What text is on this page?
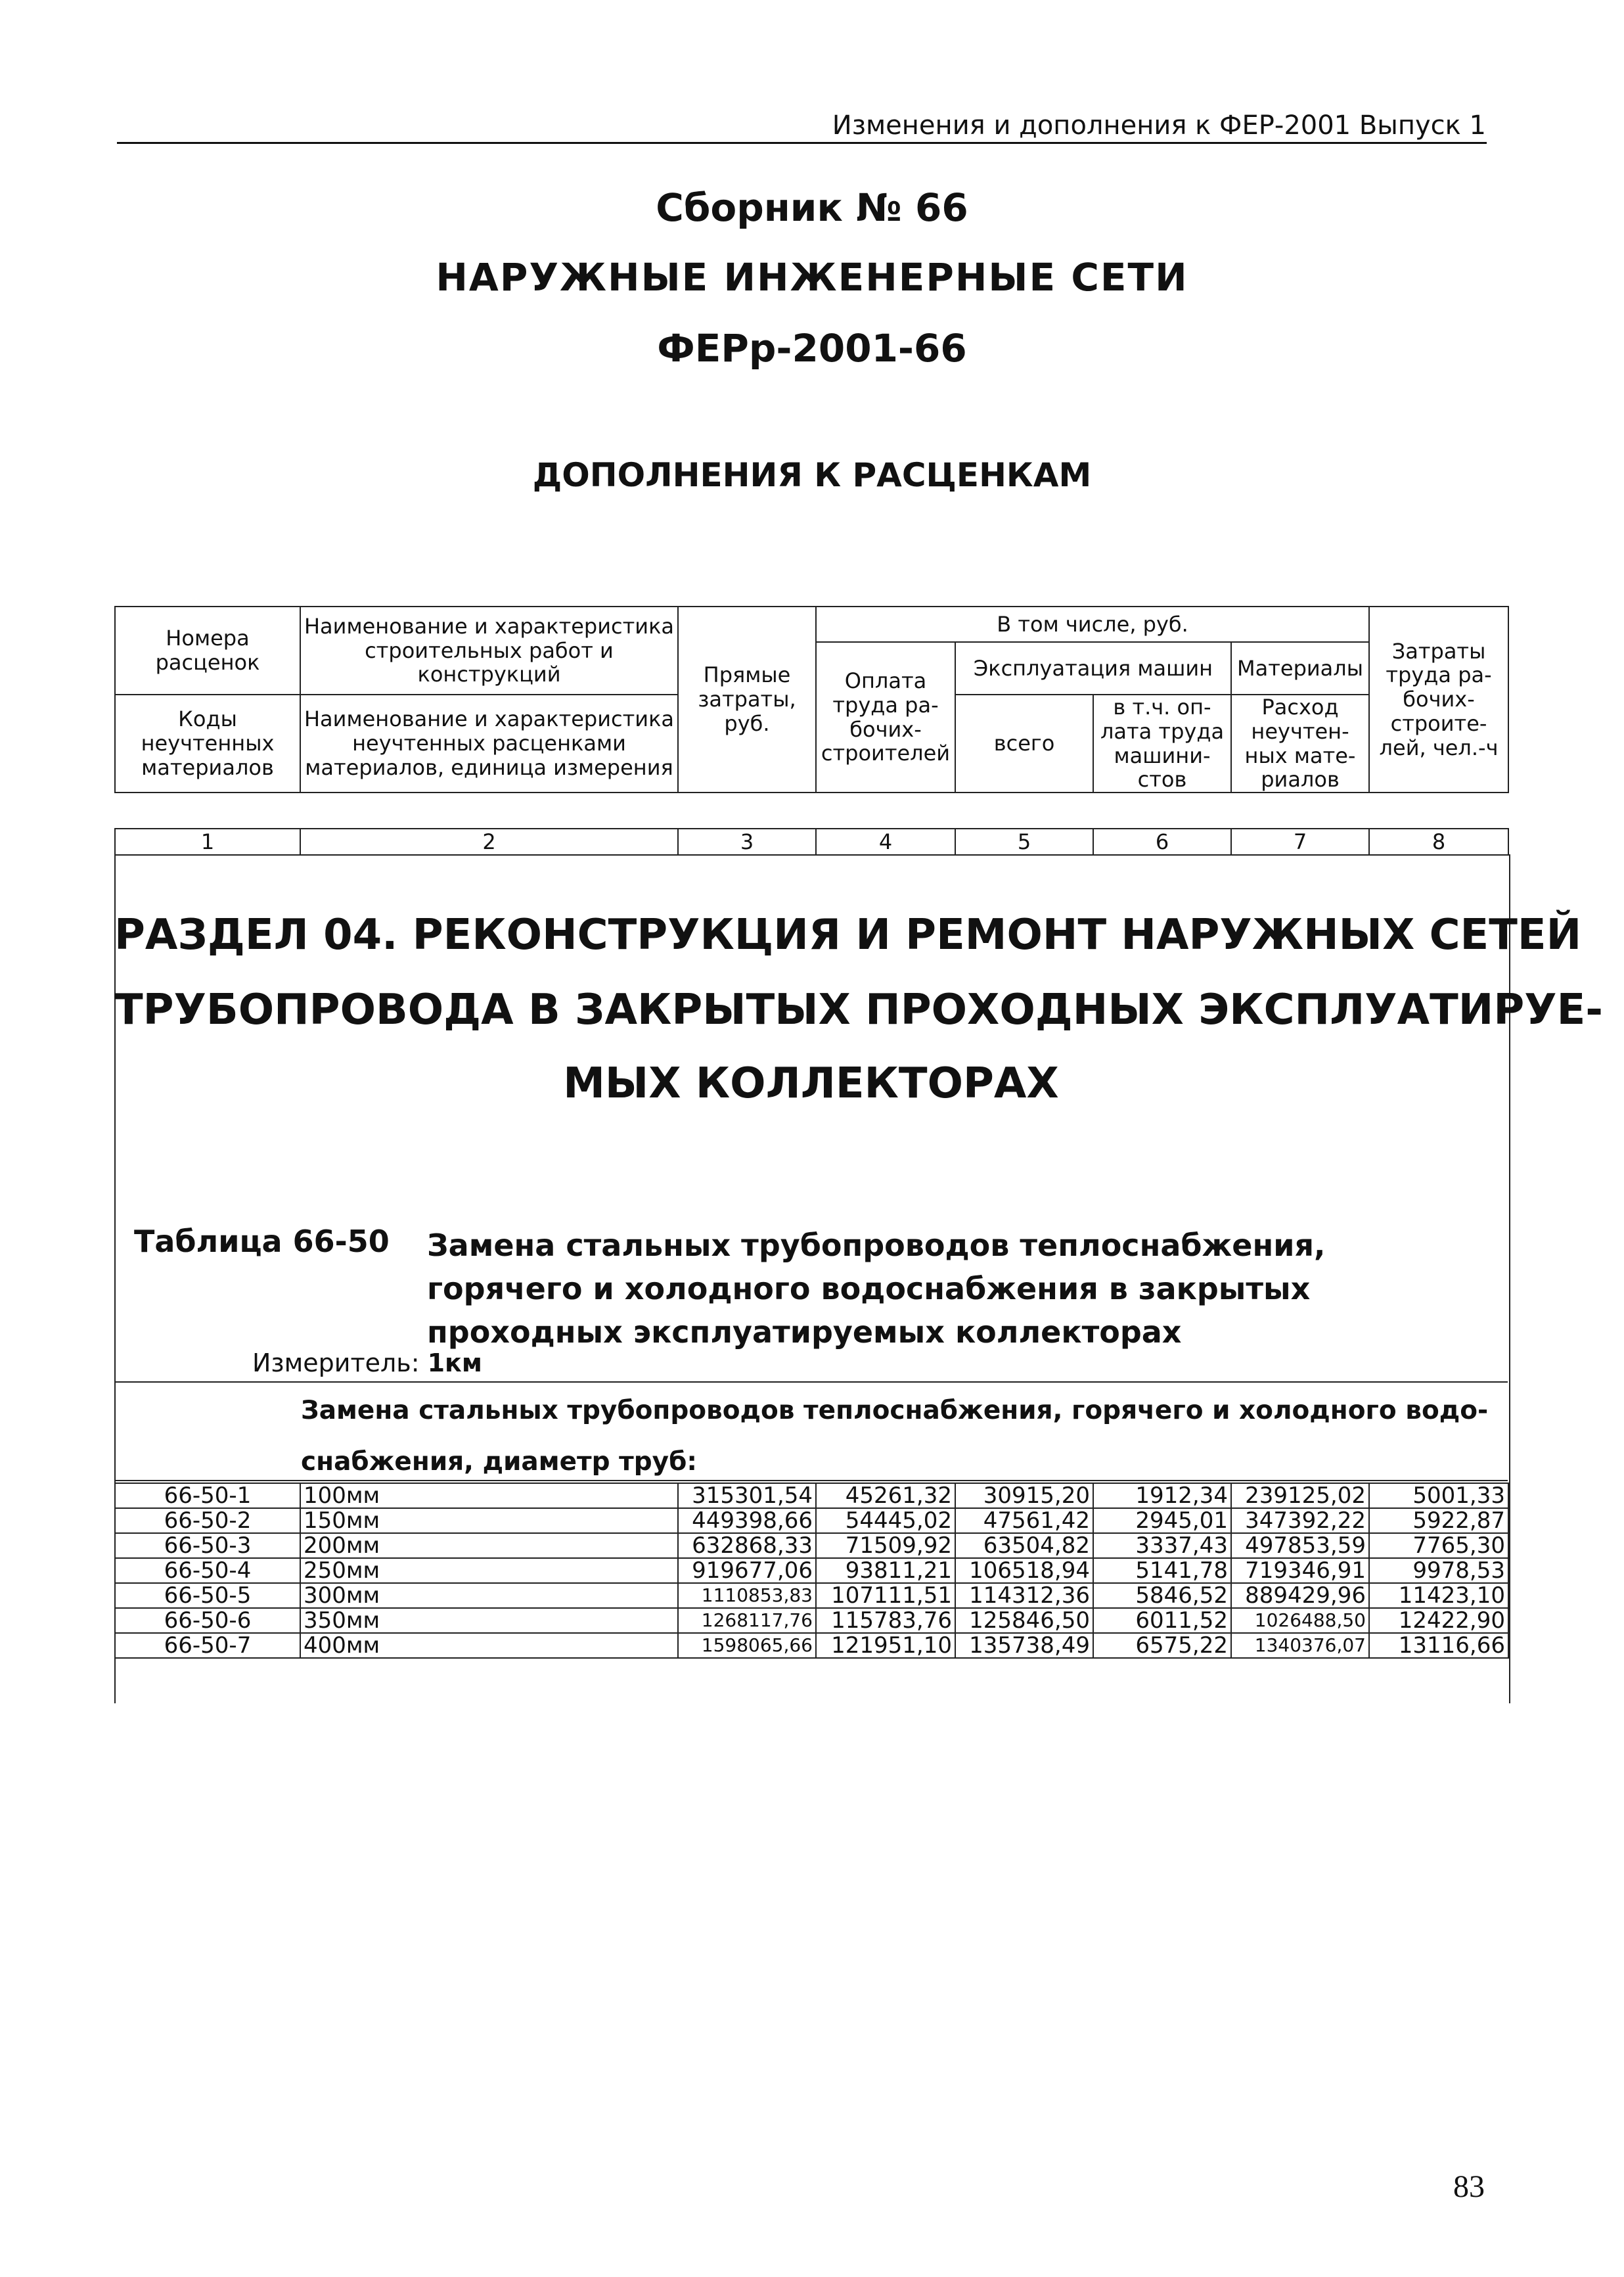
Изменения и дополнения к ФЕР-2001 Выпуск 1
Сборник № 66
НАРУЖНЫЕ ИНЖЕНЕРНЫЕ СЕТИ
ФЕРр-2001-66
ДОПОЛНЕНИЯ К РАСЦЕНКАМ
Номера расценок	Наименование и характеристика строительных работ и конструкций	Прямые затраты, руб.	В том числе, руб.				Затраты труда ра-бочих-строите-лей, чел.-ч
			Оплата труда ра-бочих-строителей	Эксплуатация машин		Материалы	
Коды неучтенных материалов	Наименование и характеристика неучтенных расценками материалов, единица измерения			всего	в т.ч. оп-лата труда машини-стов	Расход неучтен-ных мате-риалов	

1	2	3	4	5	6	7	8
РАЗДЕЛ 04. РЕКОНСТРУКЦИЯ И РЕМОНТ НАРУЖНЫХ СЕТЕЙ
ТРУБОПРОВОДА В ЗАКРЫТЫХ ПРОХОДНЫХ ЭКСПЛУАТИРУЕ-
МЫХ КОЛЛЕКТОРАХ
Таблица 66-50 Замена стальных трубопроводов теплоснабжения, горячего и холодного водоснабжения в закрытых проходных эксплуатируемых коллекторах
Измеритель: 1км
Замена стальных трубопроводов теплоснабжения, горячего и холодного водо-снабжения, диаметр труб:
66-50-1	100мм	315301,54	45261,32	30915,20	1912,34	239125,02	5001,33
66-50-2	150мм	449398,66	54445,02	47561,42	2945,01	347392,22	5922,87
66-50-3	200мм	632868,33	71509,92	63504,82	3337,43	497853,59	7765,30
66-50-4	250мм	919677,06	93811,21	106518,94	5141,78	719346,91	9978,53
66-50-5	300мм	1110853,83	107111,51	114312,36	5846,52	889429,96	11423,10
66-50-6	350мм	1268117,76	115783,76	125846,50	6011,52	1026488,50	12422,90
66-50-7	400мм	1598065,66	121951,10	135738,49	6575,22	1340376,07	13116,66
83
